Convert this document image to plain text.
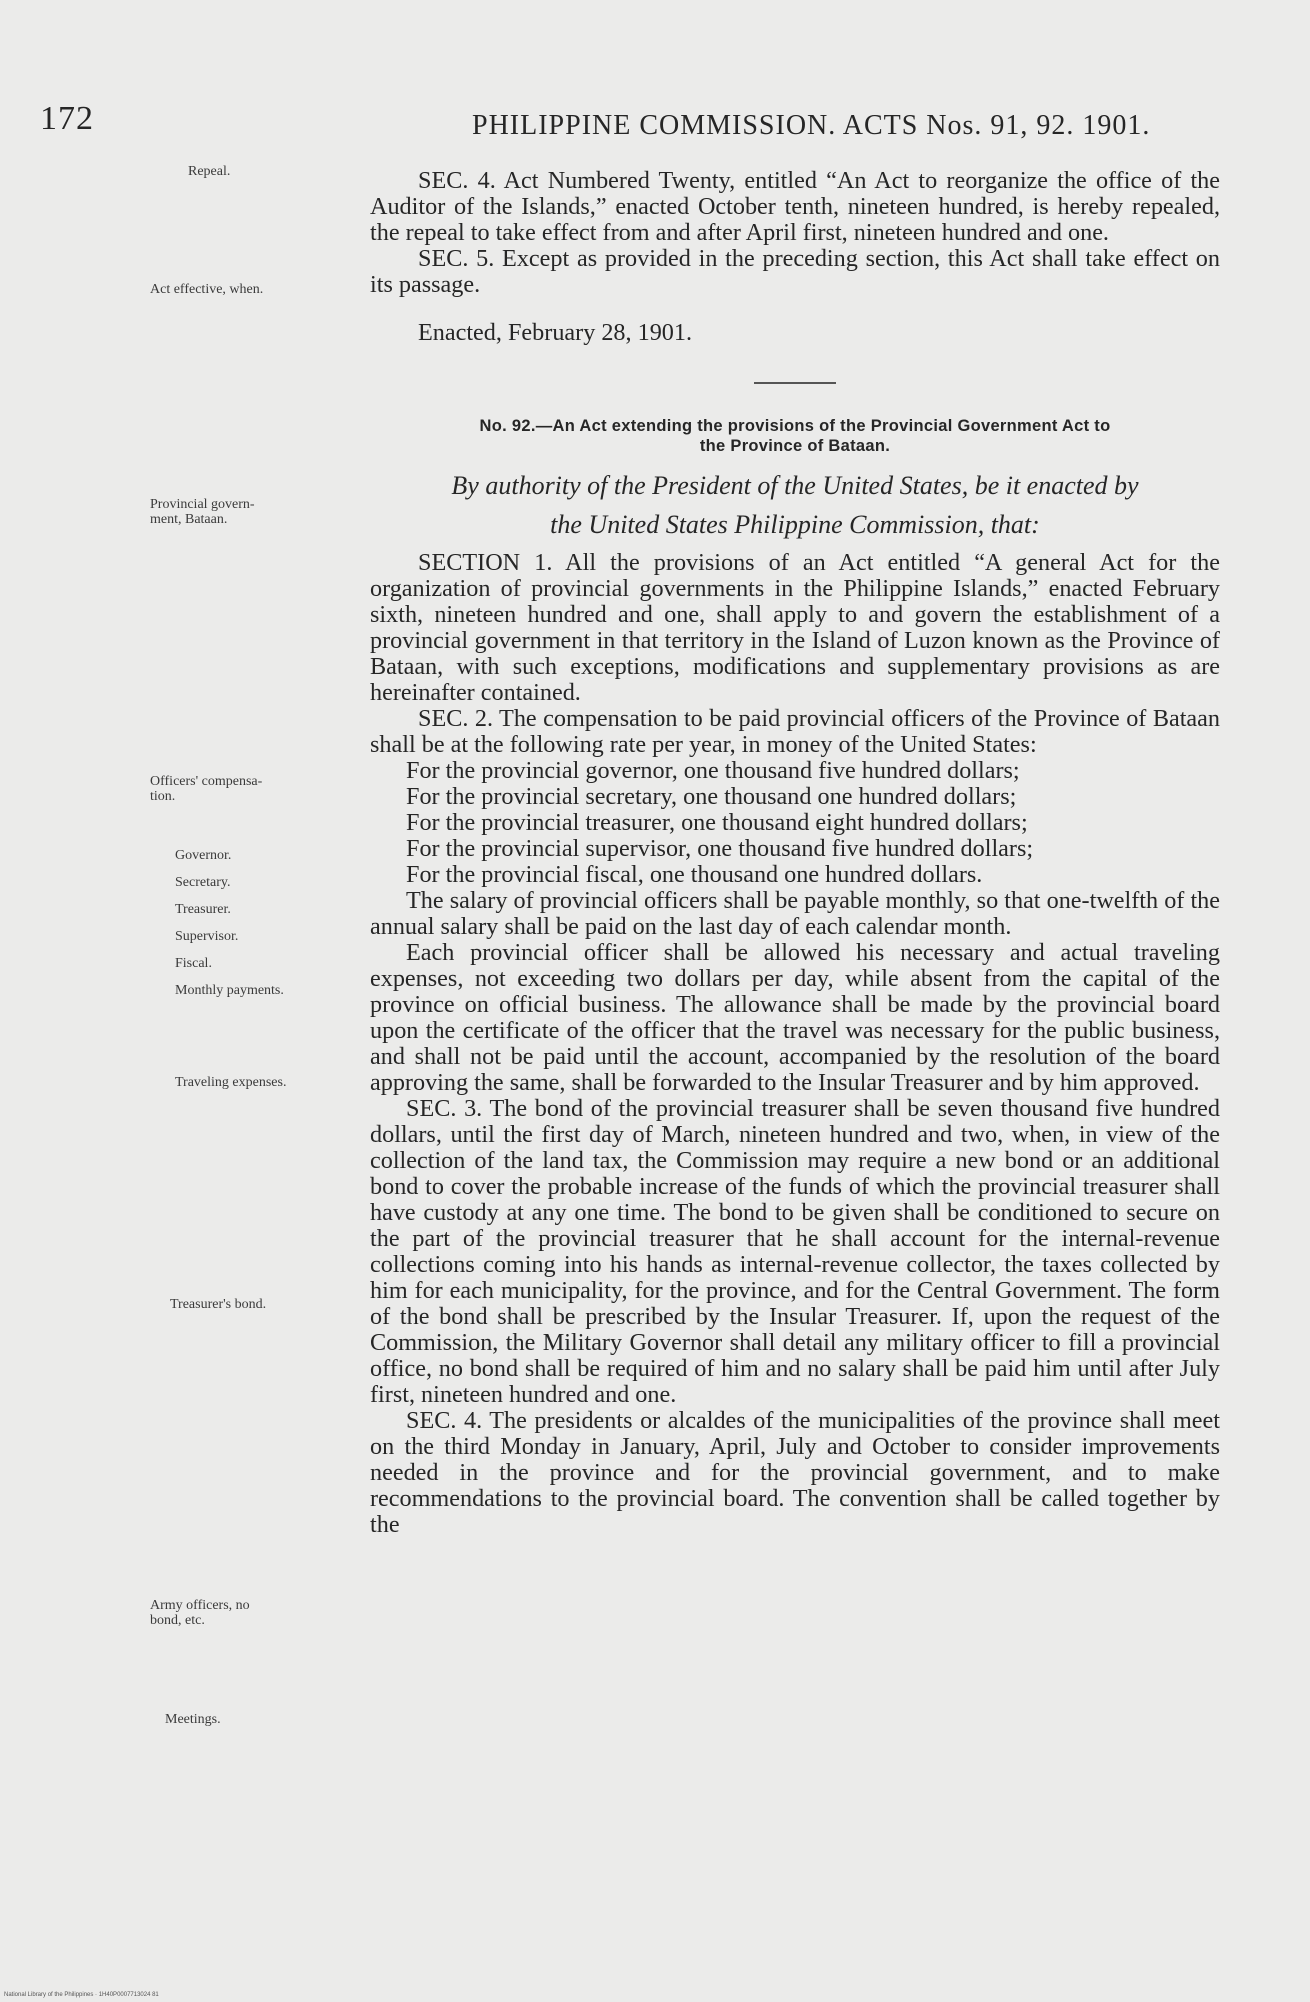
172	PHILIPPINE COMMISSION. ACTS Nos. 91, 92. 1901.
Repeal.
Act effective, when.
Provincial govern-
ment, Bataan.
Officers' compensa-
tion.
Governor.
Secretary.
Treasurer.
Supervisor.
Fiscal.
Monthly payments.
Traveling expenses.
Treasurer's bond.
Army officers, no
bond, etc.
Meetings.

SEC. 4. Act Numbered Twenty, entitled “An Act to reorganize the office of the Auditor of the Islands,” enacted October tenth, nineteen hundred, is hereby repealed, the repeal to take effect from and after April first, nineteen hundred and one.

SEC. 5. Except as provided in the preceding section, this Act shall take effect on its passage.

Enacted, February 28, 1901.

No. 92.—An Act extending the provisions of the Provincial Government Act to
the Province of Bataan.
By authority of the President of the United States, be it enacted by
the United States Philippine Commission, that:

SECTION 1. All the provisions of an Act entitled “A general Act for the organization of provincial governments in the Philippine Islands,” enacted February sixth, nineteen hundred and one, shall apply to and govern the establishment of a provincial government in that territory in the Island of Luzon known as the Province of Bataan, with such exceptions, modifications and supplementary provisions as are hereinafter contained.

SEC. 2. The compensation to be paid provincial officers of the Province of Bataan shall be at the following rate per year, in money of the United States:

For the provincial governor, one thousand five hundred dollars;

For the provincial secretary, one thousand one hundred dollars;

For the provincial treasurer, one thousand eight hundred dollars;

For the provincial supervisor, one thousand five hundred dollars;

For the provincial fiscal, one thousand one hundred dollars.

The salary of provincial officers shall be payable monthly, so that one-twelfth of the annual salary shall be paid on the last day of each calendar month.

Each provincial officer shall be allowed his necessary and actual traveling expenses, not exceeding two dollars per day, while absent from the capital of the province on official business. The allowance shall be made by the provincial board upon the certificate of the officer that the travel was necessary for the public business, and shall not be paid until the account, accompanied by the resolution of the board approving the same, shall be forwarded to the Insular Treasurer and by him approved.

SEC. 3. The bond of the provincial treasurer shall be seven thousand five hundred dollars, until the first day of March, nineteen hundred and two, when, in view of the collection of the land tax, the Commission may require a new bond or an additional bond to cover the probable increase of the funds of which the provincial treasurer shall have custody at any one time. The bond to be given shall be conditioned to secure on the part of the provincial treasurer that he shall account for the internal-revenue collections coming into his hands as internal-revenue collector, the taxes collected by him for each municipality, for the province, and for the Central Government. The form of the bond shall be prescribed by the Insular Treasurer. If, upon the request of the Commission, the Military Governor shall detail any military officer to fill a provincial office, no bond shall be required of him and no salary shall be paid him until after July first, nineteen hundred and one.

SEC. 4. The presidents or alcaldes of the municipalities of the province shall meet on the third Monday in January, April, July and October to consider improvements needed in the province and for the provincial government, and to make recommendations to the provincial board. The convention shall be called together by the

National Library of the Philippines · 1H40P0007713024 81
